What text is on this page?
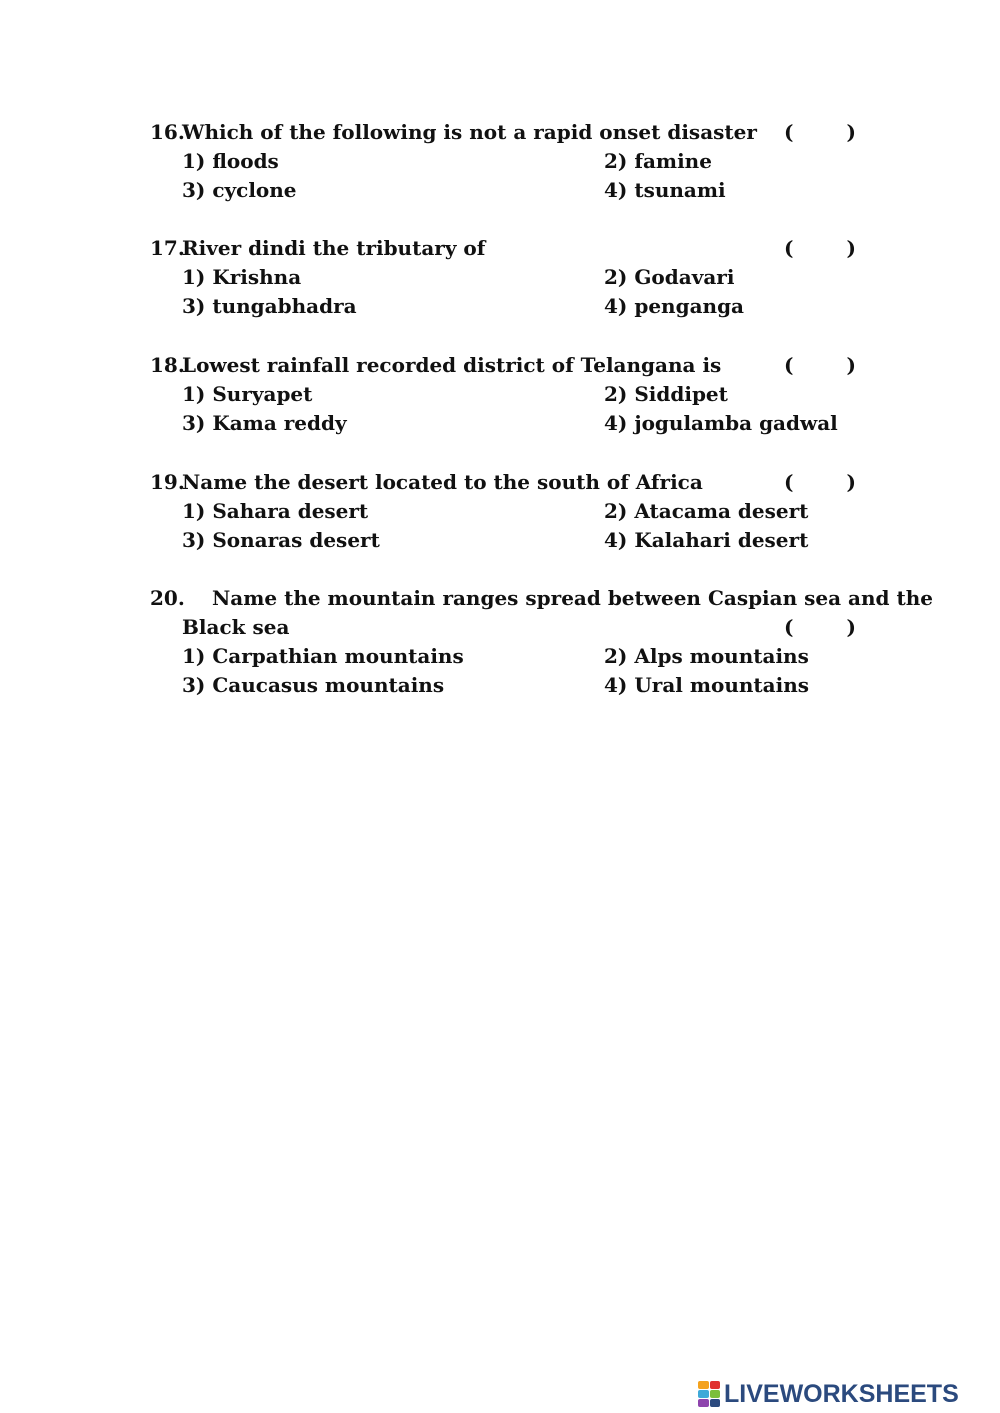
16.
Which of the following is not a rapid onset disaster (	)
1) floods	2) famine
3) cyclone	4) tsunami
17.
River dindi the tributary of	(	)
1) Krishna	2) Godavari
3) tungabhadra	4) penganga
18.
Lowest rainfall recorded district of Telangana is	(	)
1) Suryapet	2) Siddipet
3) Kama reddy	4) jogulamba gadwal
19.
Name the desert located to the south of Africa	(	)
1) Sahara desert	2) Atacama desert
3) Sonaras desert	4) Kalahari desert
20. Name the mountain ranges spread between Caspian sea and the
Black sea	(	)
1) Carpathian mountains	2) Alps mountains
3) Caucasus mountains	4) Ural mountains
LIVEWORKSHEETS
